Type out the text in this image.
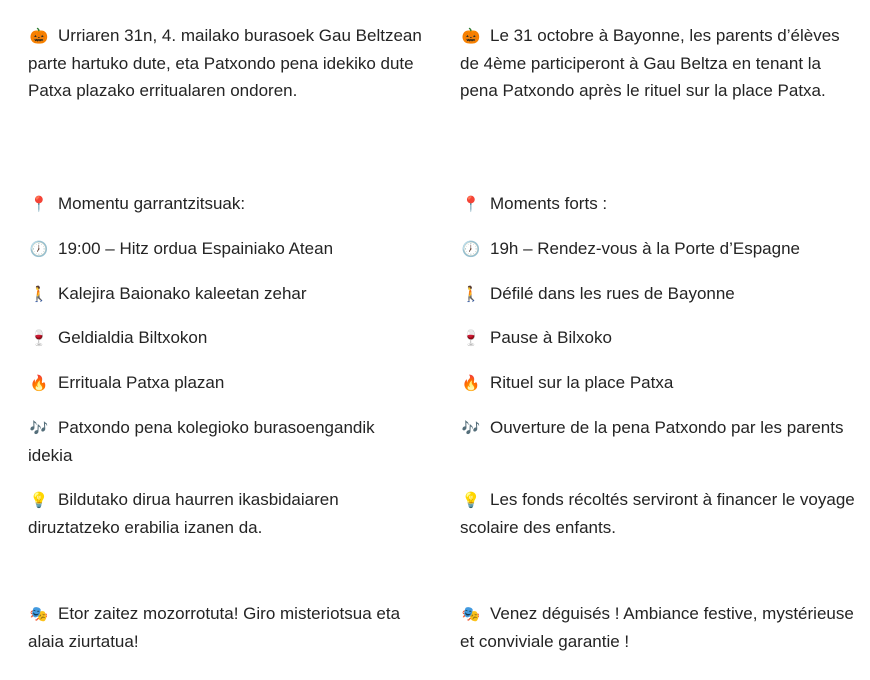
🎃 Urriaren 31n, 4. mailako burasoek Gau Beltzean parte hartuko dute, eta Patxondo pena idekiko dute Patxa plazako erritualaren ondoren.

📍 Momentu garrantzitsuak:

🕖 19:00 – Hitz ordua Espainiako Atean

🚶 Kalejira Baionako kaleetan zehar

🍷 Geldialdia Biltxokon

🔥 Erritualа Patxa plazan

🎶 Patxondo pena kolegioko burasoengandik idekia

💡 Bildutako dirua haurren ikasbidaiaren diruztatzeko erabilia izanen da.

🎭 Etor zaitez mozorrotuta! Giro misteriotsua eta alaia ziurtatua!

🎃 Le 31 octobre à Bayonne, les parents d’élèves de 4ème participeront à Gau Beltza en tenant la pena Patxondo après le rituel sur la place Patxa.

📍 Moments forts :

🕖 19h – Rendez-vous à la Porte d’Espagne

🚶 Défilé dans les rues de Bayonne

🍷 Pause à Bilxoko

🔥 Rituel sur la place Patxa

🎶 Ouverture de la pena Patxondo par les parents

💡 Les fonds récoltés serviront à financer le voyage scolaire des enfants.

🎭 Venez déguisés ! Ambiance festive, mystérieuse et conviviale garantie !
